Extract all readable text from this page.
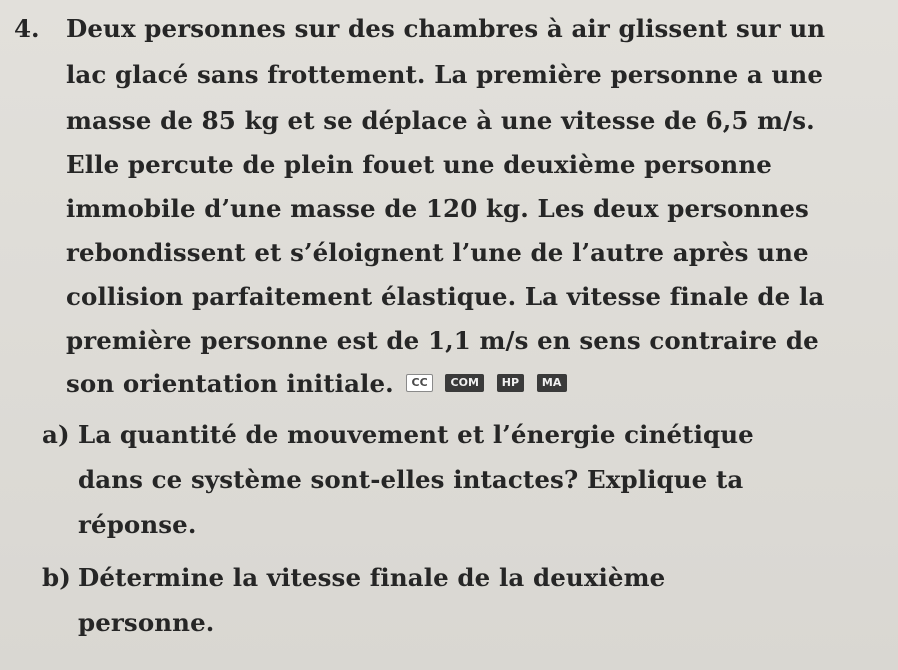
4. Deux personnes sur des chambres à air glissent sur un
lac glacé sans frottement. La première personne a une
masse de 85 kg et se déplace à une vitesse de 6,5 m/s.
Elle percute de plein fouet une deuxième personne
immobile d’une masse de 120 kg. Les deux personnes
rebondissent et s’éloignent l’une de l’autre après une
collision parfaitement élastique. La vitesse finale de la
première personne est de 1,1 m/s en sens contraire de
son orientation initiale. CC COM HP MA
a) La quantité de mouvement et l’énergie cinétique
dans ce système sont-elles intactes? Explique ta
réponse.
b) Détermine la vitesse finale de la deuxième
personne.
